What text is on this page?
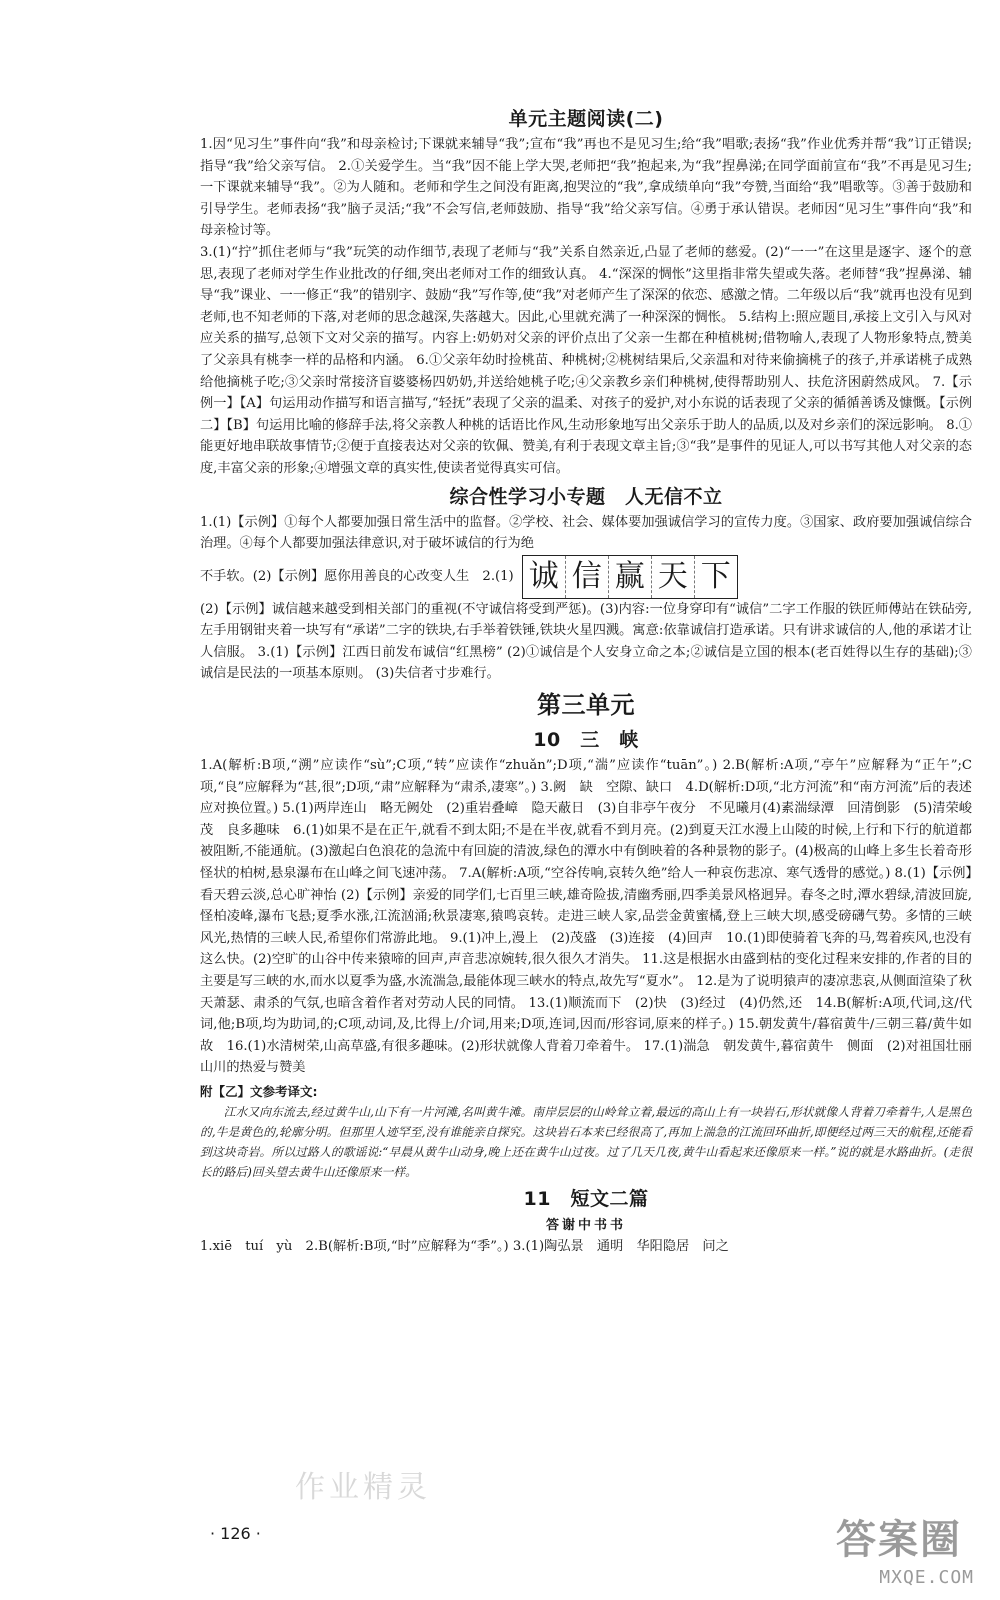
单元主题阅读(二)

1.因“见习生”事件向“我”和母亲检讨;下课就来辅导“我”;宣布“我”再也不是见习生;给“我”唱歌;表扬“我”作业优秀并帮“我”订正错误;指导“我”给父亲写信。 2.①关爱学生。当“我”因不能上学大哭,老师把“我”抱起来,为“我”捏鼻涕;在同学面前宣布“我”不再是见习生;一下课就来辅导“我”。②为人随和。老师和学生之间没有距离,抱哭泣的“我”,拿成绩单向“我”夸赞,当面给“我”唱歌等。③善于鼓励和引导学生。老师表扬“我”脑子灵活;“我”不会写信,老师鼓励、指导“我”给父亲写信。④勇于承认错误。老师因“见习生”事件向“我”和母亲检讨等。

3.(1)“拧”抓住老师与“我”玩笑的动作细节,表现了老师与“我”关系自然亲近,凸显了老师的慈爱。(2)“一一”在这里是逐字、逐个的意思,表现了老师对学生作业批改的仔细,突出老师对工作的细致认真。 4.“深深的惆怅”这里指非常失望或失落。老师替“我”捏鼻涕、辅导“我”课业、一一修正“我”的错别字、鼓励“我”写作等,使“我”对老师产生了深深的依恋、感激之情。二年级以后“我”就再也没有见到老师,也不知老师的下落,对老师的思念越深,失落越大。因此,心里就充满了一种深深的惆怅。 5.结构上:照应题目,承接上文引入与风对应关系的描写,总领下文对父亲的描写。内容上:奶奶对父亲的评价点出了父亲一生都在种植桃树;借物喻人,表现了人物形象特点,赞美了父亲具有桃李一样的品格和内涵。 6.①父亲年幼时捡桃苗、种桃树;②桃树结果后,父亲温和对待来偷摘桃子的孩子,并承诺桃子成熟给他摘桃子吃;③父亲时常接济盲婆婆杨四奶奶,并送给她桃子吃;④父亲教乡亲们种桃树,使得帮助别人、扶危济困蔚然成风。 7.【示例一】【A】句运用动作描写和语言描写,“轻抚”表现了父亲的温柔、对孩子的爱护,对小东说的话表现了父亲的循循善诱及慷慨。【示例二】【B】句运用比喻的修辞手法,将父亲教人种桃的话语比作风,生动形象地写出父亲乐于助人的品质,以及对乡亲们的深远影响。 8.①能更好地串联故事情节;②便于直接表达对父亲的钦佩、赞美,有利于表现文章主旨;③“我”是事件的见证人,可以书写其他人对父亲的态度,丰富父亲的形象;④增强文章的真实性,使读者觉得真实可信。

综合性学习小专题　人无信不立

1.(1)【示例】①每个人都要加强日常生活中的监督。②学校、社会、媒体要加强诚信学习的宣传力度。③国家、政府要加强诚信综合治理。④每个人都要加强法律意识,对于破坏诚信的行为绝

不手软。(2)【示例】愿你用善良的心改变人生　2.(1) 诚 信 赢 天 下

(2)【示例】诚信越来越受到相关部门的重视(不守诚信将受到严惩)。(3)内容:一位身穿印有“诚信”二字工作服的铁匠师傅站在铁砧旁,左手用钢钳夹着一块写有“承诺”二字的铁块,右手举着铁锤,铁块火星四溅。寓意:依靠诚信打造承诺。只有讲求诚信的人,他的承诺才让人信服。 3.(1)【示例】江西日前发布诚信“红黑榜” (2)①诚信是个人安身立命之本;②诚信是立国的根本(老百姓得以生存的基础);③诚信是民法的一项基本原则。 (3)失信者寸步难行。

第三单元
10　三　峡

1.A(解析:B项,“溯”应读作“sù”;C项,“转”应读作“zhuǎn”;D项,“湍”应读作“tuān”。) 2.B(解析:A项,“亭午”应解释为“正午”;C项,“良”应解释为“甚,很”;D项,“肃”应解释为“肃杀,凄寒”。) 3.阙　缺　空隙、缺口　4.D(解析:D项,“北方河流”和“南方河流”后的表述应对换位置。) 5.(1)两岸连山　略无阙处　(2)重岩叠嶂　隐天蔽日　(3)自非亭午夜分　不见曦月(4)素湍绿潭　回清倒影　(5)清荣峻茂　良多趣味　6.(1)如果不是在正午,就看不到太阳;不是在半夜,就看不到月亮。(2)到夏天江水漫上山陵的时候,上行和下行的航道都被阻断,不能通航。(3)激起白色浪花的急流中有回旋的清波,绿色的潭水中有倒映着的各种景物的影子。(4)极高的山峰上多生长着奇形怪状的柏树,悬泉瀑布在山峰之间飞速冲荡。 7.A(解析:A项,“空谷传响,哀转久绝”给人一种哀伤悲凉、寒气透骨的感觉。) 8.(1)【示例】看天碧云淡,总心旷神怡 (2)【示例】亲爱的同学们,七百里三峡,雄奇险拔,清幽秀丽,四季美景风格迥异。春冬之时,潭水碧绿,清波回旋,怪柏凌峰,瀑布飞悬;夏季水涨,江流汹涌;秋景凄寒,猿鸣哀转。走进三峡人家,品尝金黄蜜橘,登上三峡大坝,感受磅礴气势。多情的三峡风光,热情的三峡人民,希望你们常游此地。 9.(1)冲上,漫上　(2)茂盛　(3)连接　(4)回声　10.(1)即使骑着飞奔的马,驾着疾风,也没有这么快。(2)空旷的山谷中传来猿啼的回声,声音悲凉婉转,很久很久才消失。 11.这是根据水由盛到枯的变化过程来安排的,作者的目的主要是写三峡的水,而水以夏季为盛,水流湍急,最能体现三峡水的特点,故先写“夏水”。 12.是为了说明猿声的凄凉悲哀,从侧面渲染了秋天萧瑟、肃杀的气氛,也暗含着作者对劳动人民的同情。 13.(1)顺流而下　(2)快　(3)经过　(4)仍然,还　14.B(解析:A项,代词,这/代词,他;B项,均为助词,的;C项,动词,及,比得上/介词,用来;D项,连词,因而/形容词,原来的样子。) 15.朝发黄牛/暮宿黄牛/三朝三暮/黄牛如故　16.(1)水清树荣,山高草盛,有很多趣味。(2)形状就像人背着刀牵着牛。 17.(1)湍急　朝发黄牛,暮宿黄牛　侧面　(2)对祖国壮丽山川的热爱与赞美

附【乙】文参考译文:

江水又向东流去,经过黄牛山,山下有一片河滩,名叫黄牛滩。南岸层层的山岭耸立着,最远的高山上有一块岩石,形状就像人背着刀牵着牛,人是黑色的,牛是黄色的,轮廓分明。但那里人迹罕至,没有谁能亲自探究。这块岩石本来已经很高了,再加上湍急的江流回环曲折,即便经过两三天的航程,还能看到这块奇岩。所以过路人的歌谣说:“早晨从黄牛山动身,晚上还在黄牛山过夜。过了几天几夜,黄牛山看起来还像原来一样。”说的就是水路曲折。(走很长的路后)回头望去黄牛山还像原来一样。

11　短文二篇
答谢中书书

1.xiē　tuí　yù　2.B(解析:B项,“时”应解释为“季”。) 3.(1)陶弘景　通明　华阳隐居　问之

作业精灵
· 126 ·	答案圈
MXQE.COM
